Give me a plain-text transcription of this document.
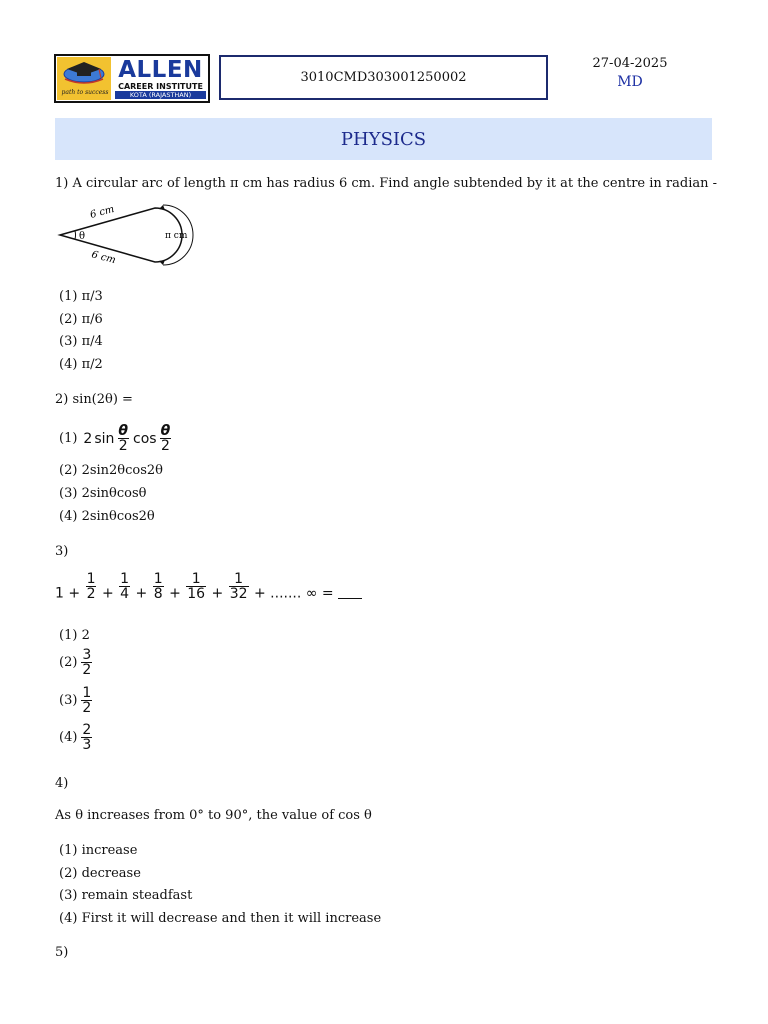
path to success
ALLEN
CAREER INSTITUTE
KOTA (RAJASTHAN)
3010CMD303001250002
27-04-2025
MD
PHYSICS
1) A circular arc of length π cm has radius 6 cm. Find angle subtended by it at the centre in radian -
6 cm
6 cm
θ	π cm
(1) π/3
(2) π/6
(3) π/4
(4) π/2
2) sin(2θ) =
(1) 2 $\sin \frac{\theta}{2}$ $\cos \frac{\theta}{2}$
(2) 2sin2θcos2θ
(3) 2sinθcosθ
(4) 2sinθcos2θ
3)
$1 + \frac{1}{2} + \frac{1}{4} + \frac{1}{8} + \frac{1}{16} + \frac{1}{32}$ + ....... ∞ =
(1) 2
$(2) \frac{3}{2}$
$(3) \frac{1}{2}$
$(4) \frac{2}{3}$
4)
As θ increases from 0° to 90°, the value of cos θ
(1) increase
(2) decrease
(3) remain steadfast
(4) First it will decrease and then it will increase
5)
